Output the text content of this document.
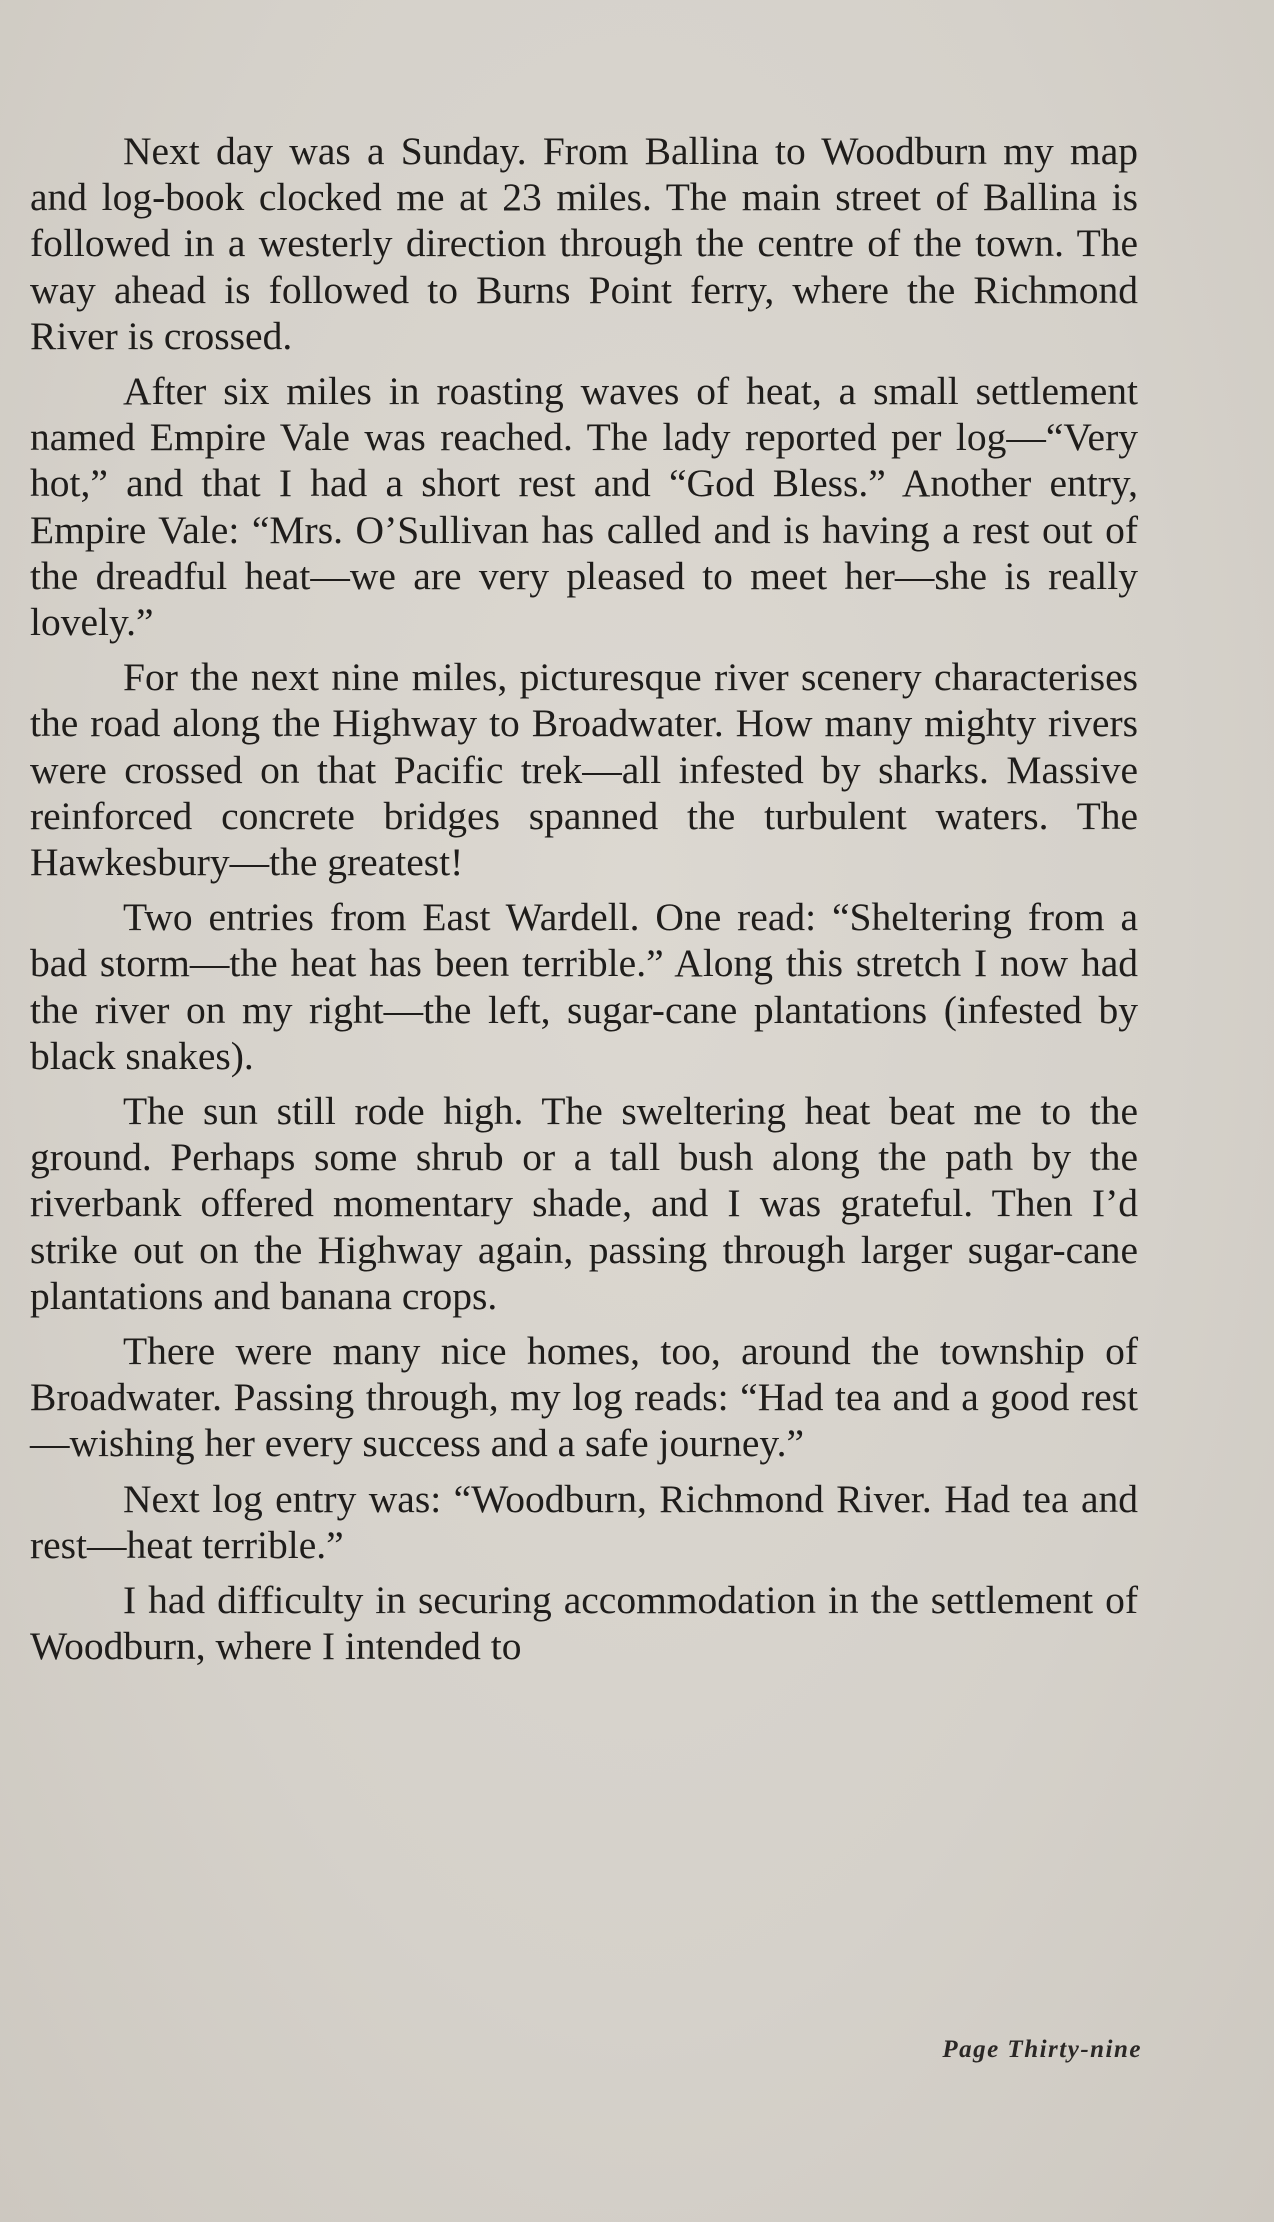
Next day was a Sunday. From Ballina to Woodburn my map and log-book clocked me at 23 miles. The main street of Ballina is followed in a westerly direction through the centre of the town. The way ahead is followed to Burns Point ferry, where the Richmond River is crossed.

After six miles in roasting waves of heat, a small settlement named Empire Vale was reached. The lady reported per log—“Very hot,” and that I had a short rest and “God Bless.” Another entry, Empire Vale: “Mrs. O’Sullivan has called and is having a rest out of the dreadful heat—we are very pleased to meet her—she is really lovely.”

For the next nine miles, picturesque river scenery characterises the road along the Highway to Broadwater. How many mighty rivers were crossed on that Pacific trek—all infested by sharks. Massive reinforced concrete bridges spanned the turbulent waters. The Hawkesbury—the greatest!

Two entries from East Wardell. One read: “Sheltering from a bad storm—the heat has been terrible.” Along this stretch I now had the river on my right—the left, sugar-cane plantations (infested by black snakes).

The sun still rode high. The sweltering heat beat me to the ground. Perhaps some shrub or a tall bush along the path by the riverbank offered momentary shade, and I was grateful. Then I’d strike out on the Highway again, passing through larger sugar-cane plantations and banana crops.

There were many nice homes, too, around the township of Broadwater. Passing through, my log reads: “Had tea and a good rest—wishing her every success and a safe journey.”

Next log entry was: “Woodburn, Richmond River. Had tea and rest—heat terrible.”

I had difficulty in securing accommodation in the settlement of Woodburn, where I intended to

Page Thirty-nine
